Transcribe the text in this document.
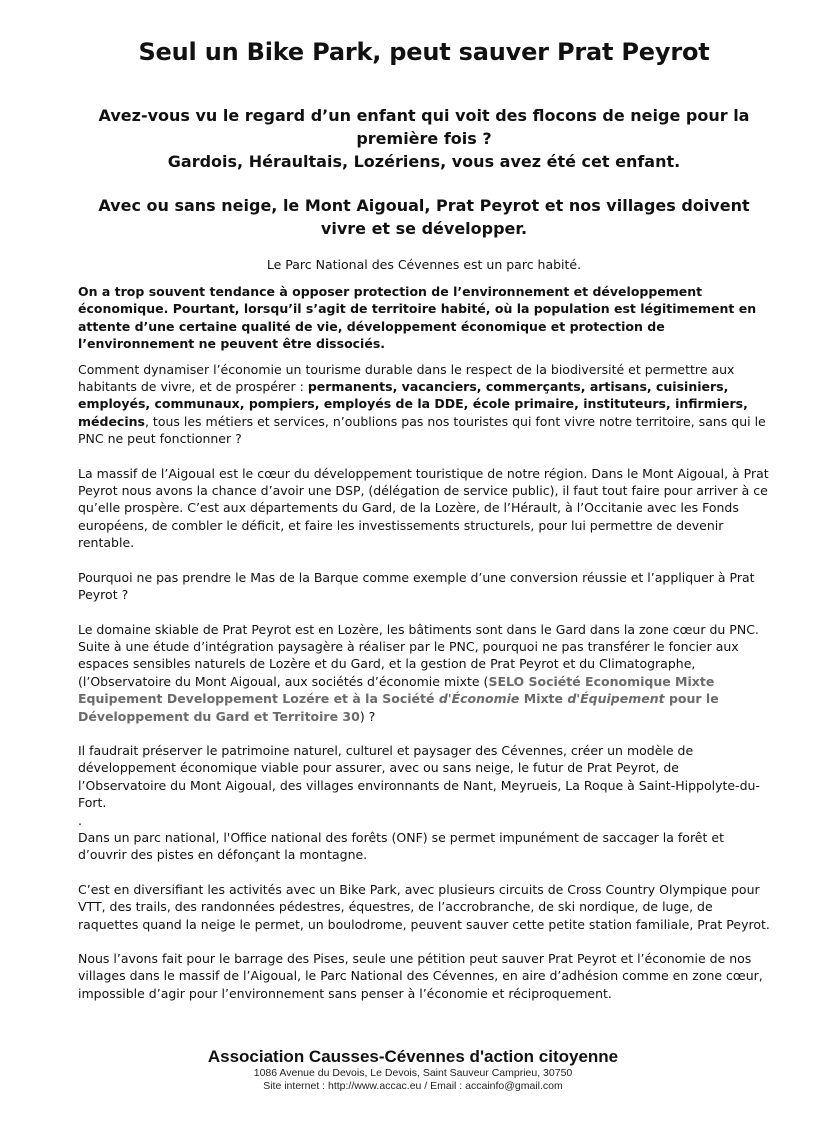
Seul un Bike Park, peut sauver Prat Peyrot

Avez-vous vu le regard d’un enfant qui voit des flocons de neige pour la première fois ?

Gardois, Héraultais, Lozériens, vous avez été cet enfant.

Avec ou sans neige, le Mont Aigoual, Prat Peyrot et nos villages doivent vivre et se développer.

Le Parc National des Cévennes est un parc habité.

On a trop souvent tendance à opposer protection de l’environnement et développement économique. Pourtant, lorsqu’il s’agit de territoire habité, où la population est légitimement en attente d’une certaine qualité de vie, développement économique et protection de l’environnement ne peuvent être dissociés.

Comment dynamiser l’économie un tourisme durable dans le respect de la biodiversité et permettre aux habitants de vivre, et de prospérer : permanents, vacanciers, commerçants, artisans, cuisiniers, employés, communaux, pompiers, employés de la DDE, école primaire, instituteurs, infirmiers, médecins, tous les métiers et services, n’oublions pas nos touristes qui font vivre notre territoire, sans qui le PNC ne peut fonctionner ?

La massif de l’Aigoual est le cœur du développement touristique de notre région. Dans le Mont Aigoual, à Prat Peyrot nous avons la chance d’avoir une DSP, (délégation de service public), il faut tout faire pour arriver à ce qu’elle prospère. C’est aux départements du Gard, de la Lozère, de l’Hérault, à l’Occitanie avec les Fonds européens, de combler le déficit, et faire les investissements structurels, pour lui permettre de devenir rentable.

Pourquoi ne pas prendre le Mas de la Barque comme exemple d’une conversion réussie et l’appliquer à Prat Peyrot ?

Le domaine skiable de Prat Peyrot est en Lozère, les bâtiments sont dans le Gard dans la zone cœur du PNC. Suite à une étude d’intégration paysagère à réaliser par le PNC, pourquoi ne pas transférer le foncier aux espaces sensibles naturels de Lozère et du Gard, et la gestion de Prat Peyrot et du Climatographe, (l’Observatoire du Mont Aigoual, aux sociétés d’économie mixte (SELO Société Economique Mixte Equipement Developpement Lozére et à la Société d'Économie Mixte d'Équipement pour le Développement du Gard et Territoire 30) ?

Il faudrait préserver le patrimoine naturel, culturel et paysager des Cévennes, créer un modèle de développement économique viable pour assurer, avec ou sans neige, le futur de Prat Peyrot, de l’Observatoire du Mont Aigoual, des villages environnants de Nant, Meyrueis, La Roque à Saint-Hippolyte-du-Fort.

.

Dans un parc national, l'Office national des forêts (ONF) se permet impunément de saccager la forêt et d’ouvrir des pistes en défonçant la montagne.

C’est en diversifiant les activités avec un Bike Park, avec plusieurs circuits de Cross Country Olympique pour VTT, des trails, des randonnées pédestres, équestres, de l’accrobranche, de ski nordique, de luge, de raquettes quand la neige le permet, un boulodrome, peuvent sauver cette petite station familiale, Prat Peyrot.

Nous l’avons fait pour le barrage des Pises, seule une pétition peut sauver Prat Peyrot et l’économie de nos villages dans le massif de l’Aigoual, le Parc National des Cévennes, en aire d’adhésion comme en zone cœur, impossible d’agir pour l’environnement sans penser à l’économie et réciproquement.

Association Causses-Cévennes d'action citoyenne

1086 Avenue du Devois, Le Devois, Saint Sauveur Camprieu, 30750

Site internet : http://www.accac.eu / Email : accainfo@gmail.com
